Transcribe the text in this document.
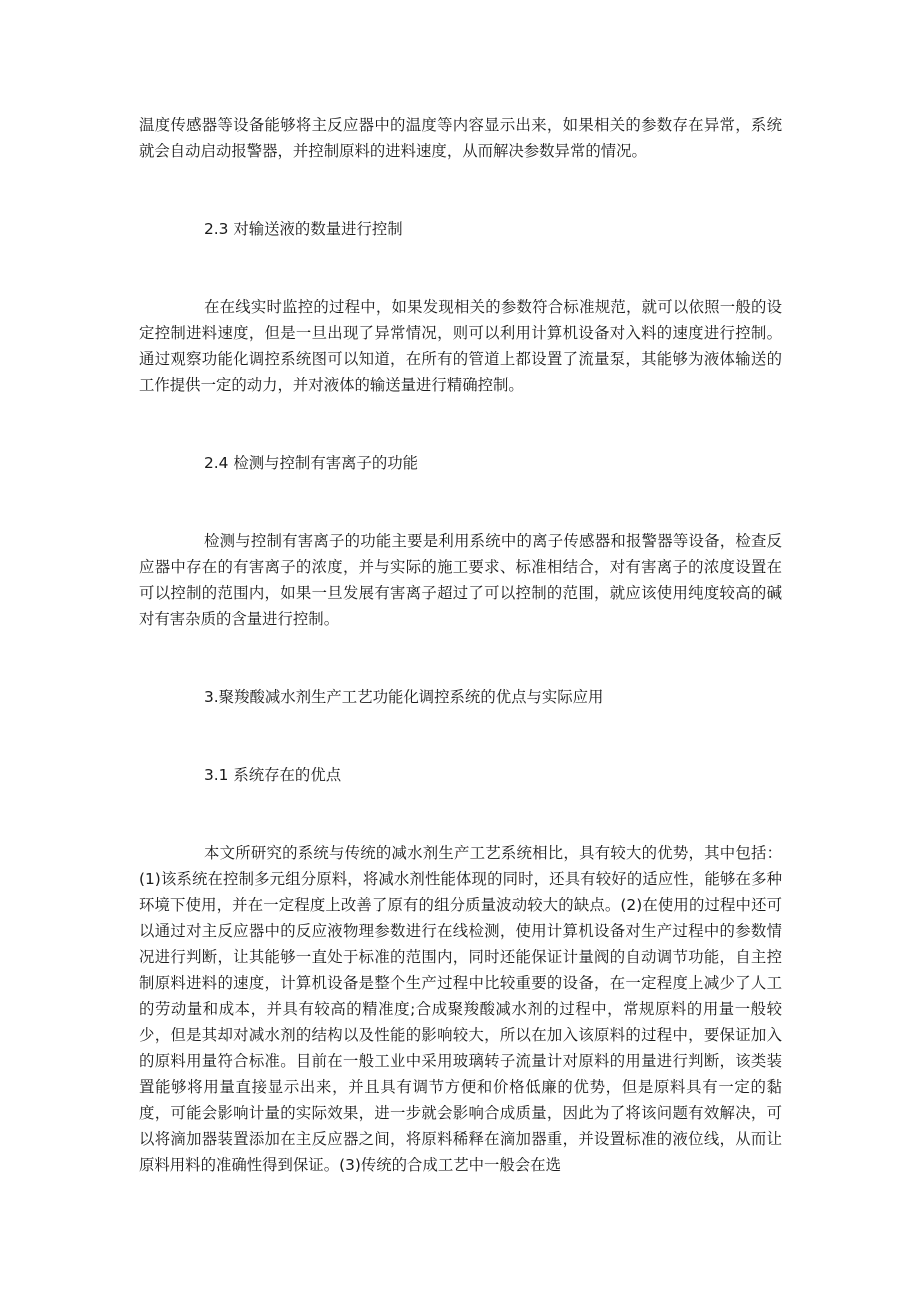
温度传感器等设备能够将主反应器中的温度等内容显示出来，如果相关的参数存在异常，系统就会自动启动报警器，并控制原料的进料速度，从而解决参数异常的情况。

2.3 对输送液的数量进行控制

在在线实时监控的过程中，如果发现相关的参数符合标准规范，就可以依照一般的设定控制进料速度，但是一旦出现了异常情况，则可以利用计算机设备对入料的速度进行控制。通过观察功能化调控系统图可以知道，在所有的管道上都设置了流量泵，其能够为液体输送的工作提供一定的动力，并对液体的输送量进行精确控制。

2.4 检测与控制有害离子的功能

检测与控制有害离子的功能主要是利用系统中的离子传感器和报警器等设备，检查反应器中存在的有害离子的浓度，并与实际的施工要求、标准相结合，对有害离子的浓度设置在可以控制的范围内，如果一旦发展有害离子超过了可以控制的范围，就应该使用纯度较高的碱对有害杂质的含量进行控制。

3.聚羧酸减水剂生产工艺功能化调控系统的优点与实际应用

3.1 系统存在的优点

本文所研究的系统与传统的减水剂生产工艺系统相比，具有较大的优势，其中包括：(1)该系统在控制多元组分原料，将减水剂性能体现的同时，还具有较好的适应性，能够在多种环境下使用，并在一定程度上改善了原有的组分质量波动较大的缺点。(2)在使用的过程中还可以通过对主反应器中的反应液物理参数进行在线检测，使用计算机设备对生产过程中的参数情况进行判断，让其能够一直处于标准的范围内，同时还能保证计量阀的自动调节功能，自主控制原料进料的速度，计算机设备是整个生产过程中比较重要的设备，在一定程度上减少了人工的劳动量和成本，并具有较高的精准度;合成聚羧酸减水剂的过程中，常规原料的用量一般较少，但是其却对减水剂的结构以及性能的影响较大，所以在加入该原料的过程中，要保证加入的原料用量符合标准。目前在一般工业中采用玻璃转子流量计对原料的用量进行判断，该类装置能够将用量直接显示出来，并且具有调节方便和价格低廉的优势，但是原料具有一定的黏度，可能会影响计量的实际效果，进一步就会影响合成质量，因此为了将该问题有效解决，可以将滴加器装置添加在主反应器之间，将原料稀释在滴加器重，并设置标准的液位线，从而让原料用料的准确性得到保证。(3)传统的合成工艺中一般会在选
